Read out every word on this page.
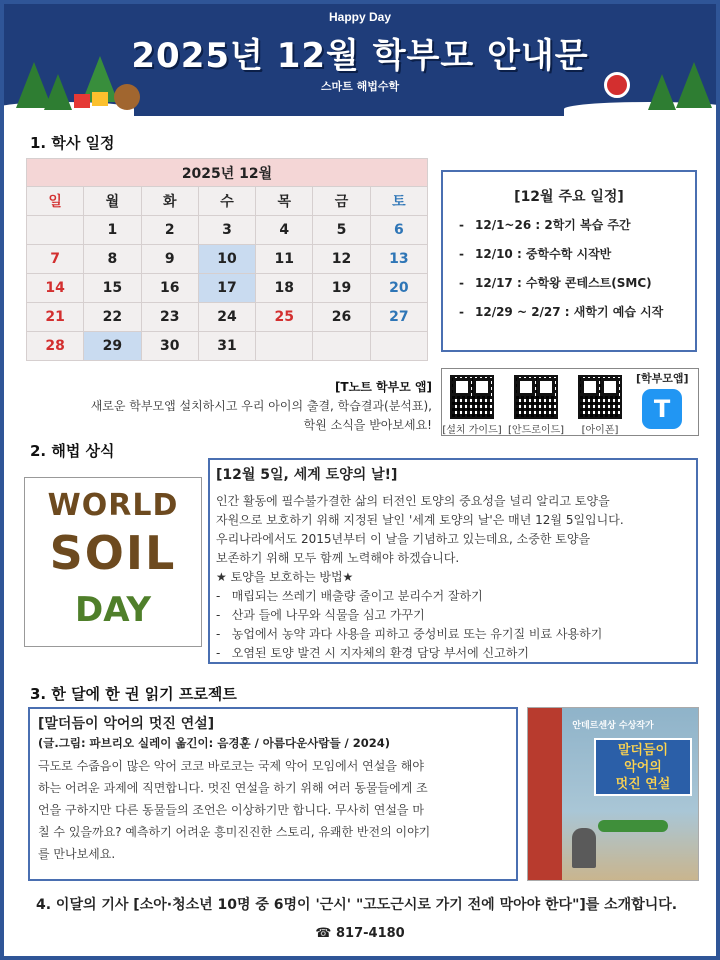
Happy Day
2025년 12월 학부모 안내문
스마트 해법수학
1. 학사 일정
2025년 12월						
일	월	화	수	목	금	토
	1	2	3	4	5	6
7	8	9	10	11	12	13
14	15	16	17	18	19	20
21	22	23	24	25	26	27
28	29	30	31			
[12월 주요 일정]
- 12/1~26 : 2학기 복습 주간
- 12/10 : 중학수학 시작반
- 12/17 : 수학왕 콘테스트(SMC)
- 12/29 ~ 2/27 : 새학기 예습 시작
[T노트 학부모 앱]
새로운 학부모앱 설치하시고 우리 아이의 출결, 학습결과(분석표),
학원 소식을 받아보세요! [설치 가이드] [안드로이드]	[아이폰]
[학부모앱]
T
2. 해법 상식
WORLD
SOIL
DAY
[12월 5일, 세계 토양의 날!]
인간 활동에 필수불가결한 삶의 터전인 토양의 중요성을 널리 알리고 토양을
자원으로 보호하기 위해 지정된 날인 '세계 토양의 날'은 매년 12월 5일입니다.
우리나라에서도 2015년부터 이 날을 기념하고 있는데요, 소중한 토양을
보존하기 위해 모두 함께 노력해야 하겠습니다.
★ 토양을 보호하는 방법★
-   매립되는 쓰레기 배출량 줄이고 분리수거 잘하기
-   산과 들에 나무와 식물을 심고 가꾸기
-   농업에서 농약 과다 사용을 피하고 중성비료 또는 유기질 비료 사용하기
-   오염된 토양 발견 시 지자체의 환경 담당 부서에 신고하기
3. 한 달에 한 권 읽기 프로젝트
[말더듬이 악어의 멋진 연설]
(글.그림: 파브리오 실레이 옮긴이: 음경훈 / 아름다운사람들 / 2024)
극도로 수줍음이 많은 악어 코코 바로코는 국제 악어 모임에서 연설을 해야
하는 어려운 과제에 직면합니다. 멋진 연설을 하기 위해 여러 동물들에게 조
언을 구하지만 다른 동물들의 조언은 이상하기만 합니다. 무사히 연설을 마
칠 수 있을까요? 예측하기 어려운 흥미진진한 스토리, 유쾌한 반전의 이야기
를 만나보세요.
안데르센상 수상작가
말더듬이
악어의
멋진 연설
4. 이달의 기사 [소아·청소년 10명 중 6명이 '근시' "고도근시로 가기 전에 막아야 한다"]를 소개합니다.
☎ 817-4180
